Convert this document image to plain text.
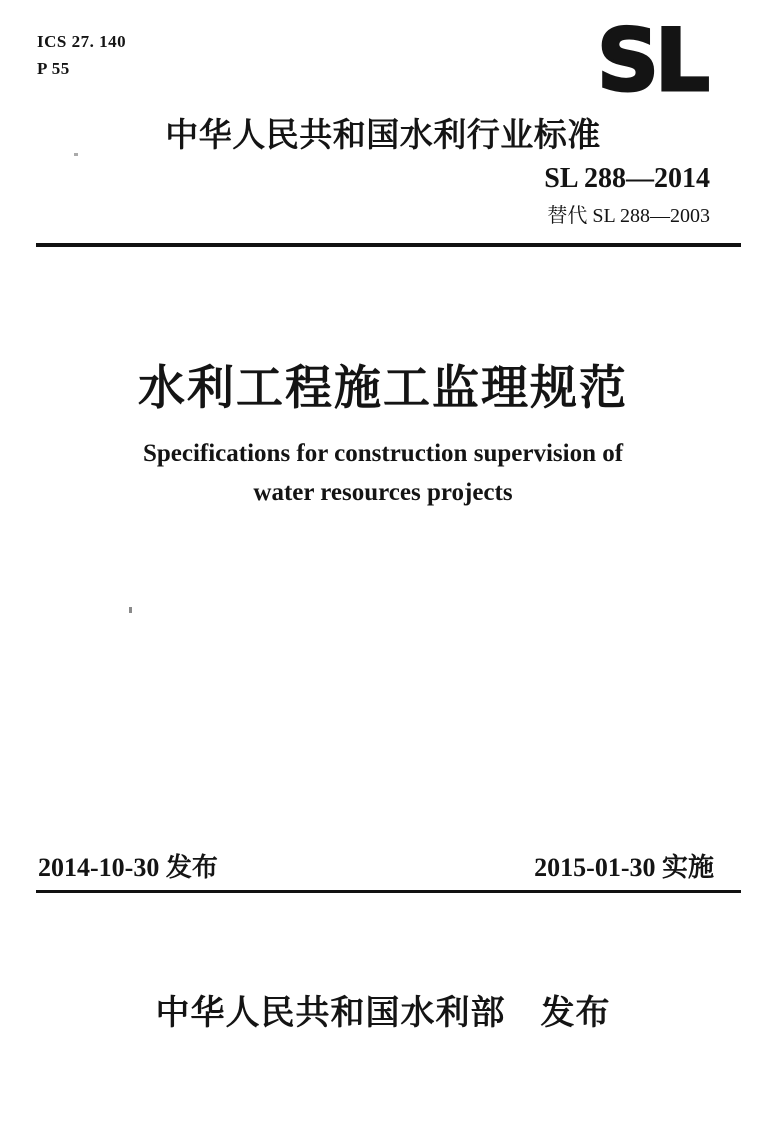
ICS 27. 140
P 55	SL
中华人民共和国水利行业标准
SL 288—2014
替代 SL 288—2003
水利工程施工监理规范
Specifications for construction supervision of
water resources projects
2014-10-30 发布	2015-01-30 实施
中华人民共和国水利部　发布
